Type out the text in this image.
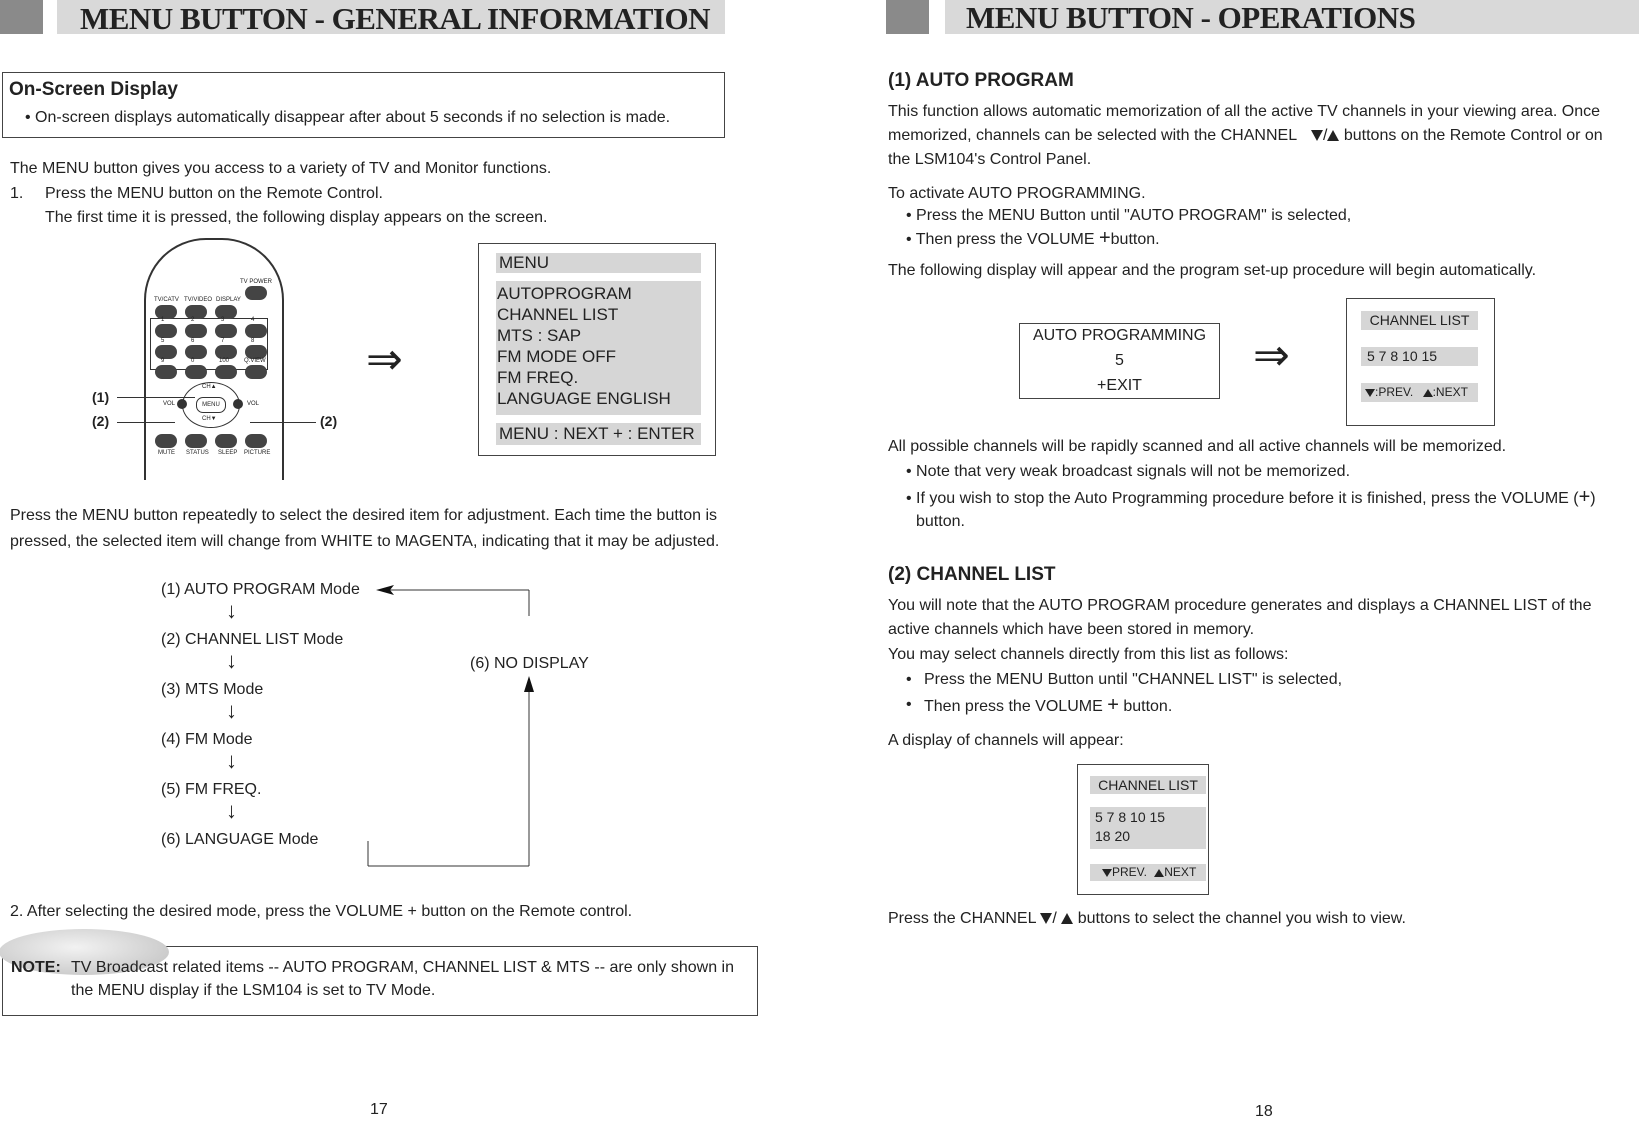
MENU BUTTON - GENERAL INFORMATION
On-Screen Display
• On-screen displays automatically disappear after about 5 seconds if no selection is made.
The MENU button gives you access to a variety of TV and Monitor functions.
1. Press the MENU button on the Remote Control.
The first time it is pressed, the following display appears on the screen.
TV POWER
TV/CATV TV/VIDEO DISPLAY
1	2	3	4
5	6	7	8
9	0	100 Q.VIEW
CH▲
MENU
CH▼
VOL	VOL
MUTE STATUS SLEEP PICTURE
(1)
(2)	(2)
⇒
MENU
AUTOPROGRAM
CHANNEL LIST
MTS : SAP
FM MODE OFF
FM FREQ.
LANGUAGE ENGLISH
MENU : NEXT + : ENTER
Press the MENU button repeatedly to select the desired item for adjustment. Each time the button is
pressed, the selected item will change from WHITE to MAGENTA, indicating that it may be adjusted.
(1) AUTO PROGRAM Mode
↓
(2) CHANNEL LIST Mode
↓
(3) MTS Mode
↓
(4) FM Mode
↓
(5) FM FREQ.
↓
(6) LANGUAGE Mode
(6) NO DISPLAY
2. After selecting the desired mode, press the VOLUME + button on the Remote control.
NOTE: TV Broadcast related items -- AUTO PROGRAM, CHANNEL LIST & MTS -- are only shown in
the MENU display if the LSM104 is set to TV Mode.
17
MENU BUTTON - OPERATIONS
(1) AUTO PROGRAM
This function allows automatic memorization of all the active TV channels in your viewing area. Once
memorized, channels can be selected with the CHANNEL / buttons on the Remote Control or on
the LSM104's Control Panel.
To activate AUTO PROGRAMMING.
• Press the MENU Button until "AUTO PROGRAM" is selected,
• Then press the VOLUME +button.
The following display will appear and the program set-up procedure will begin automatically.
AUTO PROGRAMMING
5
+EXIT
⇒
CHANNEL LIST
5 7 8 10 15
:PREV. :NEXT
All possible channels will be rapidly scanned and all active channels will be memorized.
• Note that very weak broadcast signals will not be memorized.
• If you wish to stop the Auto Programming procedure before it is finished, press the VOLUME (+)
button.
(2) CHANNEL LIST
You will note that the AUTO PROGRAM procedure generates and displays a CHANNEL LIST of the
active channels which have been stored in memory.
You may select channels directly from this list as follows:
• Press the MENU Button until "CHANNEL LIST" is selected,
• Then press the VOLUME + button.
A display of channels will appear:
CHANNEL LIST
5 7 8 10 15
18 20
PREV. NEXT
Press the CHANNEL / buttons to select the channel you wish to view.
18
